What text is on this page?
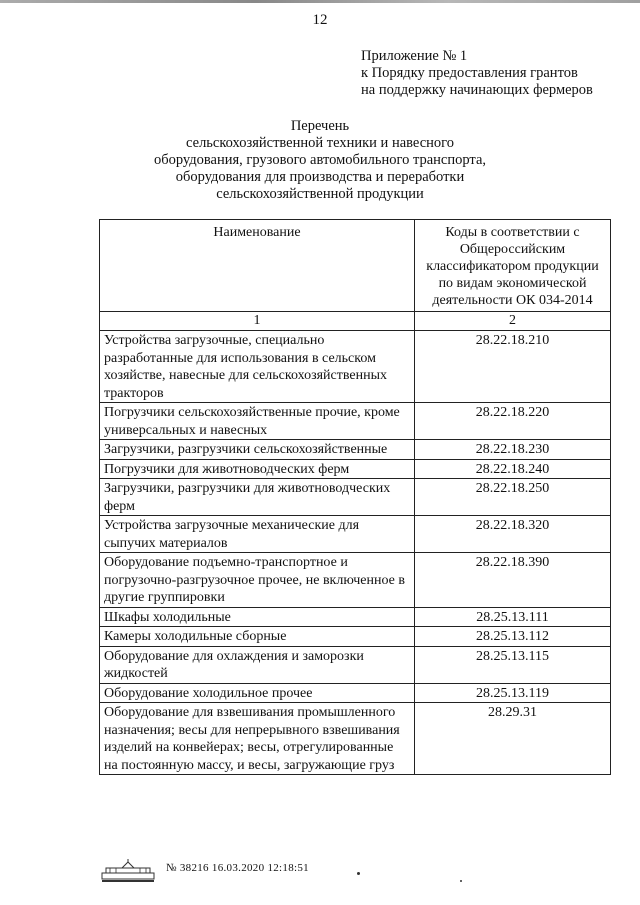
12
Приложение № 1
к Порядку предоставления грантов
на поддержку начинающих фермеров
Перечень
сельскохозяйственной техники и навесного
оборудования, грузового автомобильного транспорта,
оборудования для производства и переработки
сельскохозяйственной продукции
Наименование	Коды в соответствии с Общероссийским классификатором продукции по видам экономической деятельности ОК 034-2014
1	2
Устройства загрузочные, специально разработанные для использования в сельском хозяйстве, навесные для сельскохозяйственных тракторов	28.22.18.210
Погрузчики сельскохозяйственные прочие, кроме универсальных и навесных	28.22.18.220
Загрузчики, разгрузчики сельскохозяйственные	28.22.18.230
Погрузчики для животноводческих ферм	28.22.18.240
Загрузчики, разгрузчики для животноводческих ферм	28.22.18.250
Устройства загрузочные механические для сыпучих материалов	28.22.18.320
Оборудование подъемно-транспортное и погрузочно-разгрузочное прочее, не включенное в другие группировки	28.22.18.390
Шкафы холодильные	28.25.13.111
Камеры холодильные сборные	28.25.13.112
Оборудование для охлаждения и заморозки жидкостей	28.25.13.115
Оборудование холодильное прочее	28.25.13.119
Оборудование для взвешивания промышленного назначения; весы для непрерывного взвешивания изделий на конвейерах; весы, отрегулированные на постоянную массу, и весы, загружающие груз	28.29.31
№ 38216 16.03.2020 12:18:51
